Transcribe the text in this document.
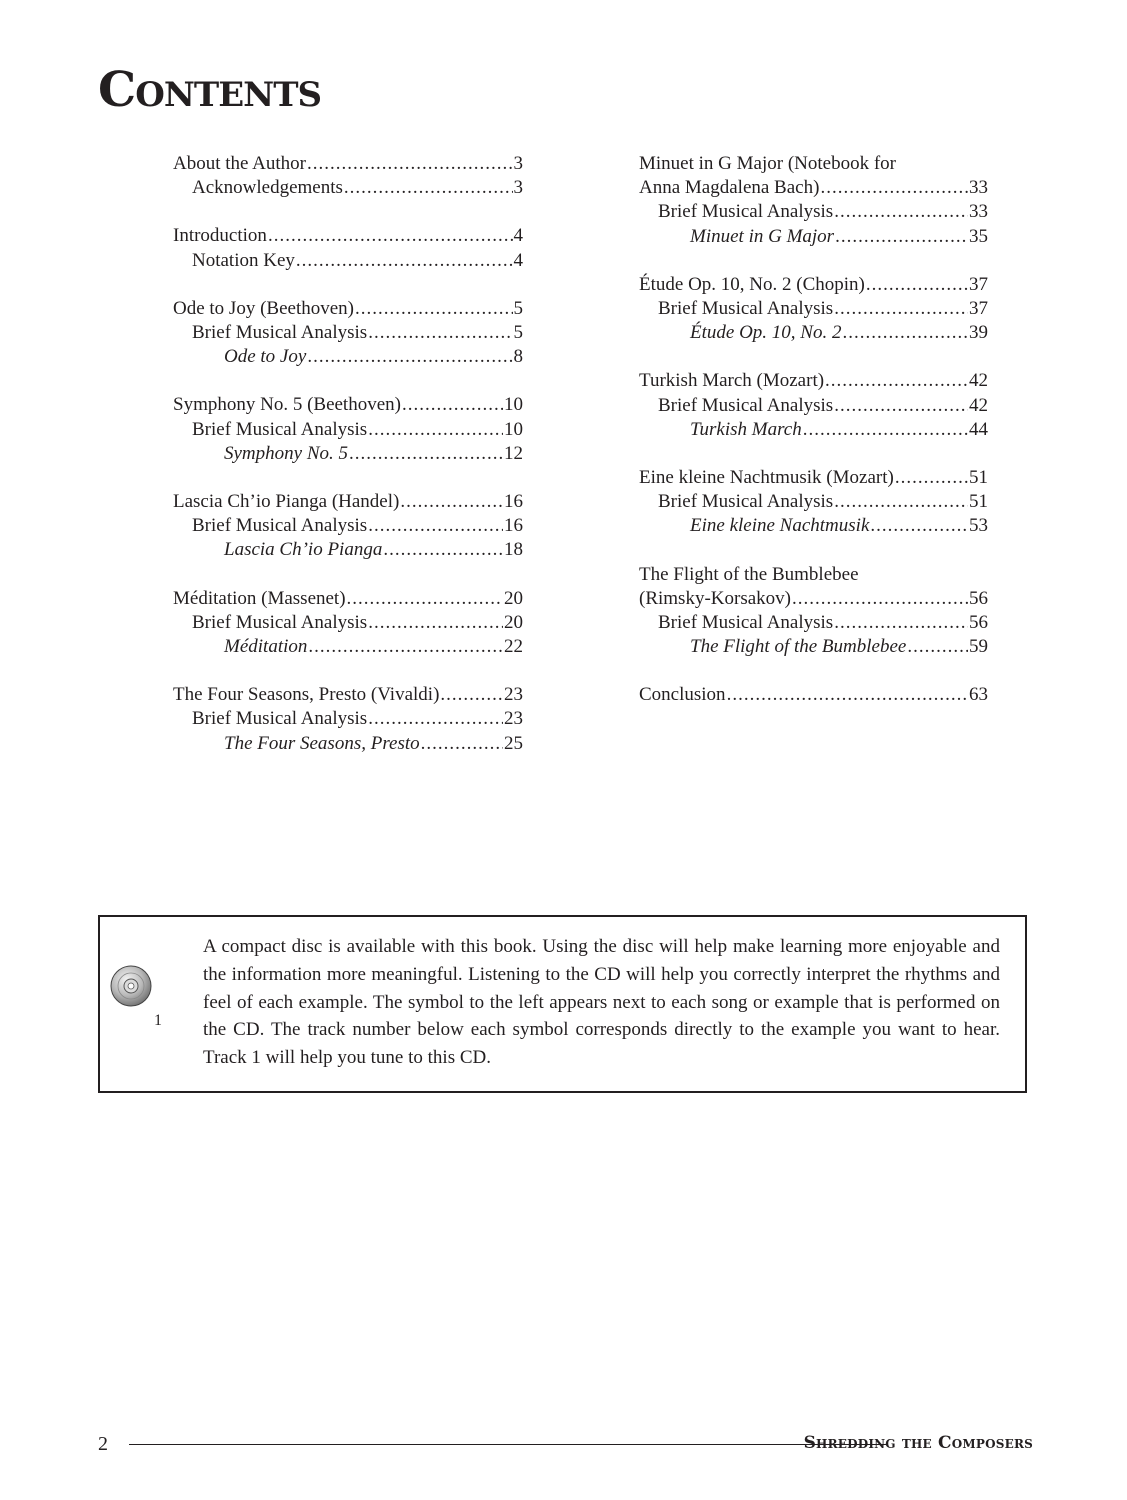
Contents
About the Author .....	3
Acknowledgements .....	3
Introduction .....	4
Notation Key .....	4
Ode to Joy (Beethoven) .....	5
Brief Musical Analysis .....	5
Ode to Joy .....	8
Symphony No. 5 (Beethoven) .....	10
Brief Musical Analysis .....	10
Symphony No. 5 .....	12
Lascia Ch’io Pianga (Handel) .....	16
Brief Musical Analysis .....	16
Lascia Ch’io Pianga .....	18
Méditation (Massenet) .....	20
Brief Musical Analysis .....	20
Méditation .....	22
The Four Seasons, Presto (Vivaldi) .....	23
Brief Musical Analysis .....	23
The Four Seasons, Presto .....	25
Minuet in G Major (Notebook for
Anna Magdalena Bach) .....	33
Brief Musical Analysis .....	33
Minuet in G Major .....	35
Étude Op. 10, No. 2 (Chopin) .....	37
Brief Musical Analysis .....	37
Étude Op. 10, No. 2 .....	39
Turkish March (Mozart) .....	42
Brief Musical Analysis .....	42
Turkish March .....	44
Eine kleine Nachtmusik (Mozart) .....	51
Brief Musical Analysis .....	51
Eine kleine Nachtmusik .....	53
The Flight of the Bumblebee
(Rimsky-Korsakov) .....	56
Brief Musical Analysis .....	56
The Flight of the Bumblebee .....	59
Conclusion .....	63
1

A compact disc is available with this book. Using the disc will help make learning more enjoyable and the information more meaningful. Listening to the CD will help you correctly interpret the rhythms and feel of each example. The symbol to the left appears next to each song or example that is performed on the CD. The track number below each symbol corresponds directly to the example you want to hear. Track 1 will help you tune to this CD.

2	Shredding the Composers
